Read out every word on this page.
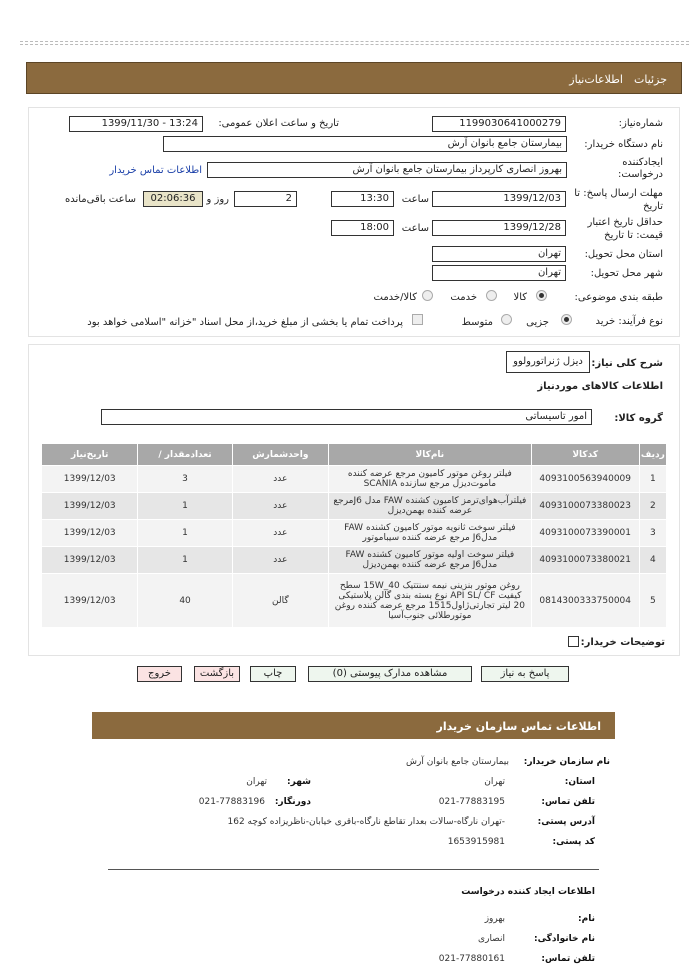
جزئیات
اطلاعات‌نیاز
شماره‌نیاز:
1199030641000279
تاریخ و ساعت اعلان عمومی:
1399/11/30 - 13:24
نام دستگاه خریدار:
بیمارستان جامع بانوان آرش
ایجادکننده
درخواست:
بهروز انصاری کارپرداز بیمارستان جامع بانوان آرش
اطلاعات تماس خریدار
مهلت ارسال پاسخ: تا
تاریخ
1399/12/03
ساعت
13:30
2
روز و
02:06:36
ساعت باقی‌مانده
حداقل تاریخ اعتبار
قیمت: تا تاریخ
1399/12/28
ساعت
18:00
استان محل تحویل:
تهران
شهر محل تحویل:
تهران
طبقه بندی موضوعی:
کالا
خدمت
کالا/خدمت
نوع فرآیند: خرید
جزیی
متوسط
پرداخت تمام یا بخشی از مبلغ خرید،از محل اسناد "خزانه "اسلامی خواهد بود
شرح کلی نیاز:
دیزل ژنراتورولوو
اطلاعات کالاهای موردنیاز
گروه کالا:
امور تاسیساتی
ردیف	کدکالا	نام‌کالا	واحدشمارش	تعدادمقدار /	تاریخ‌نیاز
1	4093100563940009	فیلتر روغن موتور کامیون مرجع عرضه کننده ماموت‌دیزل مرجع سازنده SCANIA	عدد	3	1399/12/03
2	4093100073380023	فیلترآب‌هوای‌ترمز کامیون کشنده FAW مدل J6مرجع عرضه کننده بهمن‌دیزل	عدد	1	1399/12/03
3	4093100073390001	فیلتر سوخت ثانویه موتور کامیون کشنده FAW مدلJ6 مرجع عرضه کننده سیباموتور	عدد	1	1399/12/03
4	4093100073380021	فیلتر سوخت اولیه موتور کامیون کشنده FAW مدلJ6 مرجع عرضه کننده بهمن‌دیزل	عدد	1	1399/12/03
5	0814300333750004	روغن موتور بنزینی نیمه سنتتیک 15W_40 سطح کیفیت API SL/ CF نوع بسته بندی گالن پلاستیکی 20 لیتر تجارتی‌ژاول1515 مرجع عرضه کننده روغن موتورطلائی جنوب‌آسیا	گالن	40	1399/12/03
توضیحات خریدار:
پاسخ به نیاز
مشاهده مدارک پیوستی (0)
چاپ
بازگشت
خروج
اطلاعات تماس سازمان خریدار
نام سازمان خریدار:
بیمارستان جامع بانوان آرش
استان:
تهران
شهر:
تهران
تلفن تماس:
021-77883195
دورنگار:
021-77883196
آدرس پستی:
-تهران نارگاه-سالات بعدار تقاطع نارگاه-باقری خیابان-ناظریزاده کوچه 162
کد پستی:
1653915981
اطلاعات ایجاد کننده درخواست
نام:
بهروز
نام خانوادگی:
انصاری
تلفن تماس:
021-77880161
